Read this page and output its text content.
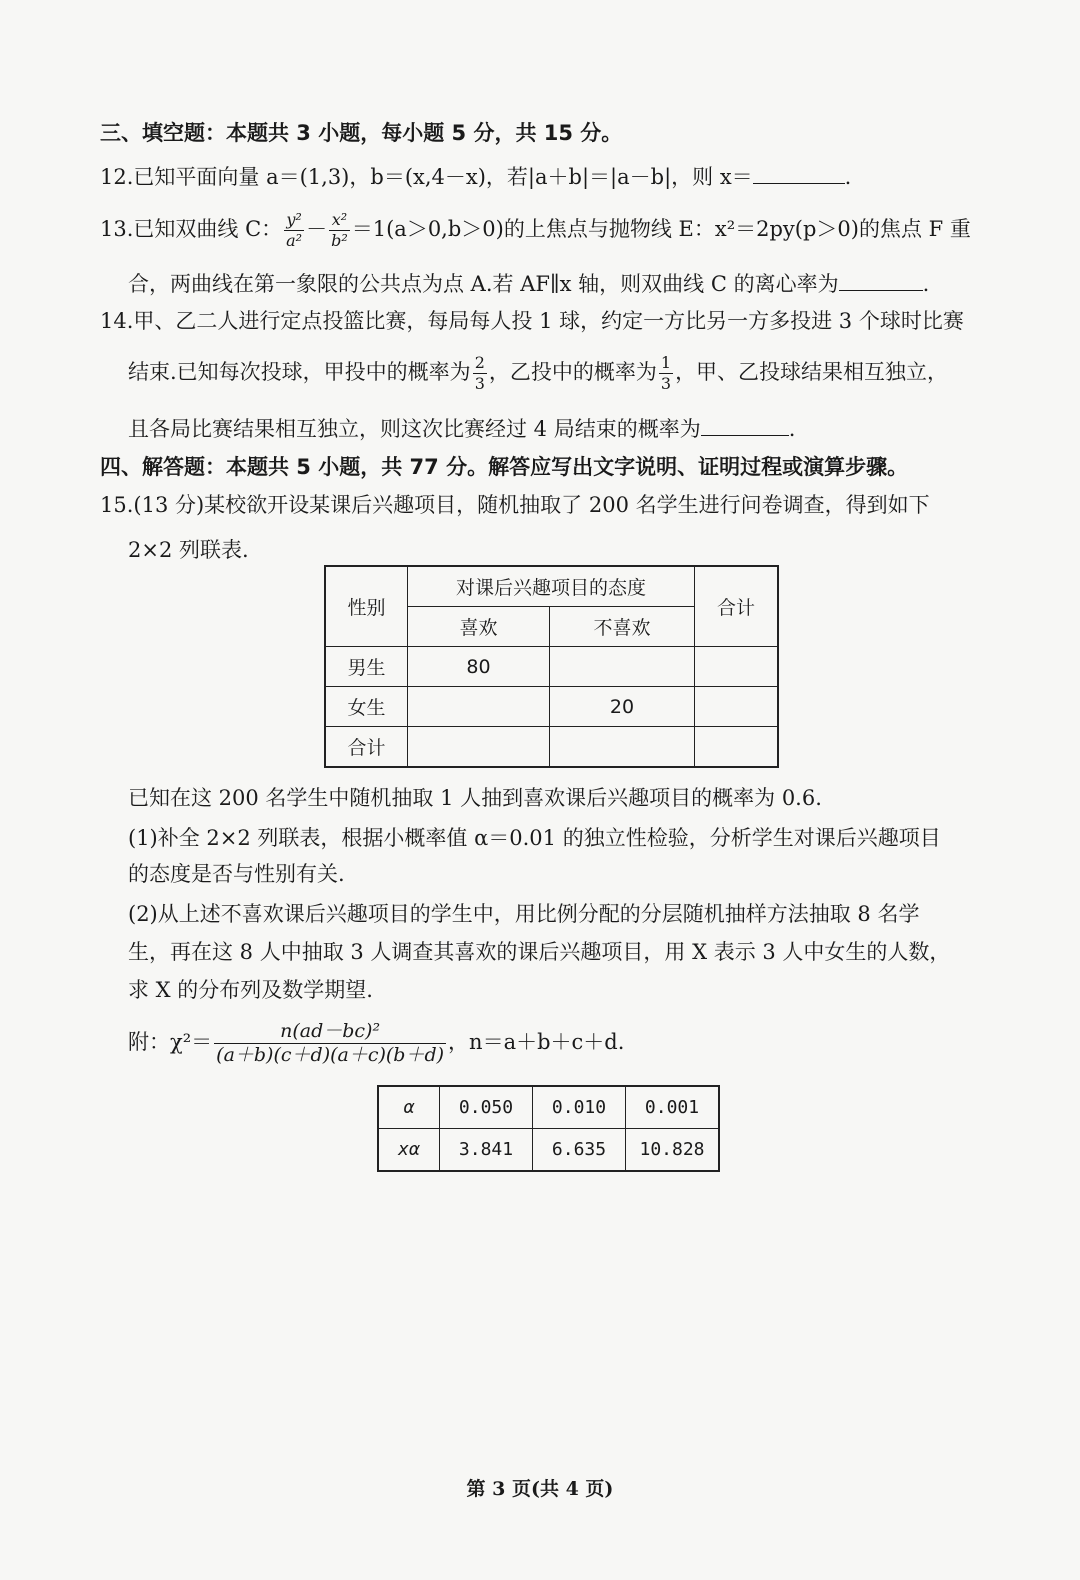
三、填空题：本题共 3 小题，每小题 5 分，共 15 分。
12.已知平面向量 a＝(1,3)，b＝(x,4－x)，若|a＋b|＝|a－b|，则 x＝	.
13.已知双曲线 C： $\frac{\text{y²}}{\text{a²}} - \frac{\text{x²}}{\text{b²}} =1(a>0,b>0)$的上焦点与抛物线 E：x²＝2py(p＞0)的焦点 F 重
合，两曲线在第一象限的公共点为点 A.若 AF∥x 轴，则双曲线 C 的离心率为	.
14.甲、乙二人进行定点投篮比赛，每局每人投 1 球，约定一方比另一方多投进 3 个球时比赛
结束.已知每次投球，甲投中的概率为 $\frac{2}{3}$ ，乙投中的概率为 $\frac{1}{3}$ ，甲、乙投球结果相互独立，
且各局比赛结果相互独立，则这次比赛经过 4 局结束的概率为	.
四、解答题：本题共 5 小题，共 77 分。解答应写出文字说明、证明过程或演算步骤。
15.(13 分)某校欲开设某课后兴趣项目，随机抽取了 200 名学生进行问卷调查，得到如下
2×2 列联表.
性别	对课后兴趣项目的态度		合计
	喜欢	不喜欢	
男生	80		
女生		20	
合计			
已知在这 200 名学生中随机抽取 1 人抽到喜欢课后兴趣项目的概率为 0.6.
(1)补全 2×2 列联表，根据小概率值 α＝0.01 的独立性检验，分析学生对课后兴趣项目
的态度是否与性别有关.
(2)从上述不喜欢课后兴趣项目的学生中，用比例分配的分层随机抽样方法抽取 8 名学
生，再在这 8 人中抽取 3 人调查其喜欢的课后兴趣项目，用 X 表示 3 人中女生的人数，
求 X 的分布列及数学期望.
附：$\chi^2= \frac{\text{n(ad－bc)²}}{(a+b)(c+d)(a+c)(b+d)}$ ，n＝a＋b＋c＋d.
α	0.050	0.010	0.001
xα	3.841	6.635	10.828
第 3 页(共 4 页)
